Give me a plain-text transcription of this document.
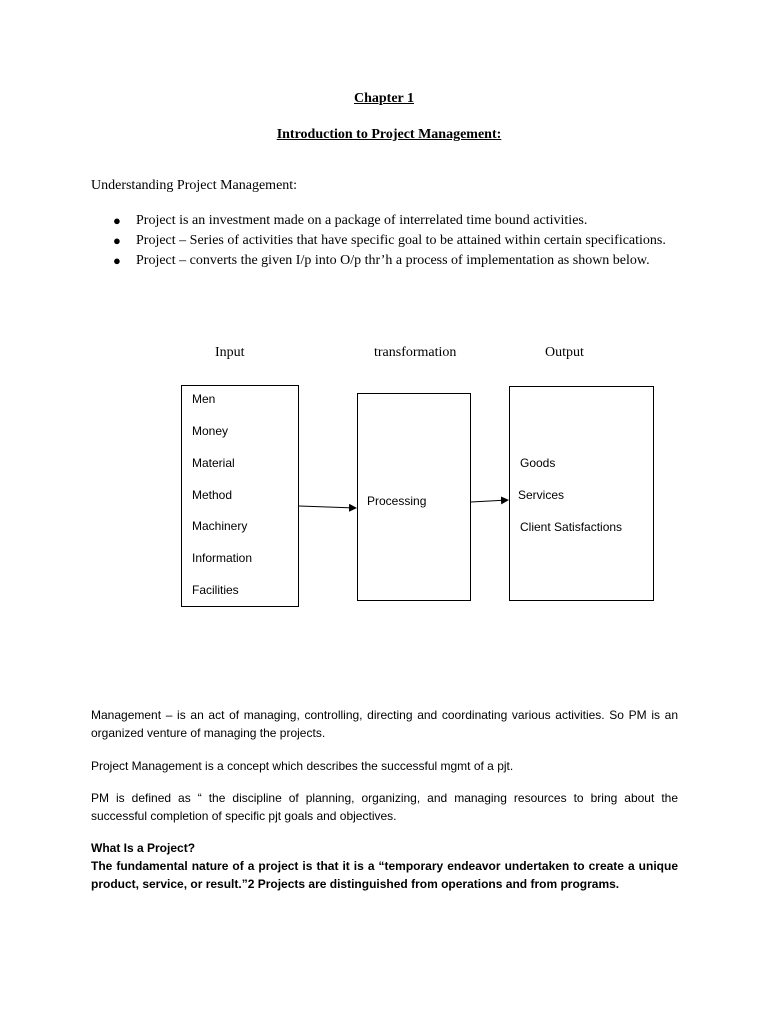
Chapter 1
Introduction to Project Management:
Understanding Project Management:
● Project is an investment made on a package of interrelated time bound activities.
● Project – Series of activities that have specific goal to be attained within certain specifications.
● Project – converts the given I/p into O/p thr’h a process of implementation as shown below.
Input	transformation	Output
Men
Money
Material
Method
Machinery
Information
Facilities
Processing
Goods
Services
Client Satisfactions
Management – is an act of managing, controlling, directing and coordinating various activities. So PM is an organized venture of managing the projects.
Project Management is a concept which describes the successful mgmt of a pjt.
PM is defined as “ the discipline of planning, organizing, and managing resources to bring about the successful completion of specific pjt goals and objectives.
What Is a Project?
The fundamental nature of a project is that it is a “temporary endeavor undertaken to create a unique product, service, or result.”2 Projects are distinguished from operations and from programs.
